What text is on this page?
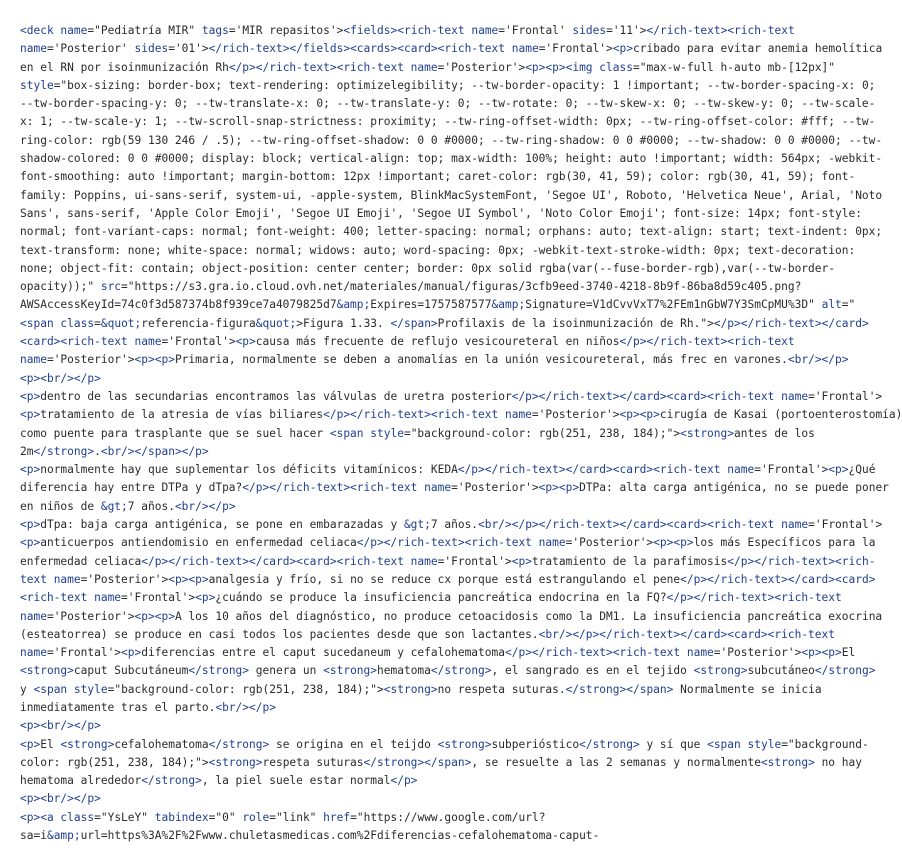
<deck name="Pediatría MIR" tags='MIR repasitos'><fields><rich-text name='Frontal' sides='11'></rich-text><rich-text
name='Posterior' sides='01'></rich-text></fields><cards><card><rich-text name='Frontal'><p>cribado para evitar anemia hemolítica
en el RN por isoinmunización Rh</p></rich-text><rich-text name='Posterior'><p><p><img class="max-w-full h-auto mb-[12px]"
style="box-sizing: border-box; text-rendering: optimizelegibility; --tw-border-opacity: 1 !important; --tw-border-spacing-x: 0;
--tw-border-spacing-y: 0; --tw-translate-x: 0; --tw-translate-y: 0; --tw-rotate: 0; --tw-skew-x: 0; --tw-skew-y: 0; --tw-scale-
x: 1; --tw-scale-y: 1; --tw-scroll-snap-strictness: proximity; --tw-ring-offset-width: 0px; --tw-ring-offset-color: #fff; --tw-
ring-color: rgb(59 130 246 / .5); --tw-ring-offset-shadow: 0 0 #0000; --tw-ring-shadow: 0 0 #0000; --tw-shadow: 0 0 #0000; --tw-
shadow-colored: 0 0 #0000; display: block; vertical-align: top; max-width: 100%; height: auto !important; width: 564px; -webkit-
font-smoothing: auto !important; margin-bottom: 12px !important; caret-color: rgb(30, 41, 59); color: rgb(30, 41, 59); font-
family: Poppins, ui-sans-serif, system-ui, -apple-system, BlinkMacSystemFont, 'Segoe UI', Roboto, 'Helvetica Neue', Arial, 'Noto
Sans', sans-serif, 'Apple Color Emoji', 'Segoe UI Emoji', 'Segoe UI Symbol', 'Noto Color Emoji'; font-size: 14px; font-style:
normal; font-variant-caps: normal; font-weight: 400; letter-spacing: normal; orphans: auto; text-align: start; text-indent: 0px;
text-transform: none; white-space: normal; widows: auto; word-spacing: 0px; -webkit-text-stroke-width: 0px; text-decoration:
none; object-fit: contain; object-position: center center; border: 0px solid rgba(var(--fuse-border-rgb),var(--tw-border-
opacity));" src="https://s3.gra.io.cloud.ovh.net/materiales/manual/figuras/3cfb9eed-3740-4218-8b9f-86ba8d59c405.png?
AWSAccessKeyId=74c0f3d587374b8f939ce7a4079825d7&amp;Expires=1757587577&amp;Signature=V1dCvvVxT7%2FEm1nGbW7Y3SmCpMU%3D" alt="
<span class=&quot;referencia-figura&quot;>Figura 1.33. </span>Profilaxis de la isoinmunización de Rh."></p></rich-text></card>
<card><rich-text name='Frontal'><p>causa más frecuente de reflujo vesicoureteral en niños</p></rich-text><rich-text
name='Posterior'><p><p>Primaria, normalmente se deben a anomalías en la unión vesicoureteral, más frec en varones.<br/></p>
<p><br/></p>
<p>dentro de las secundarias encontramos las válvulas de uretra posterior</p></rich-text></card><card><rich-text name='Frontal'>
<p>tratamiento de la atresia de vías biliares</p></rich-text><rich-text name='Posterior'><p><p>cirugía de Kasai (portoenterostomía)
como puente para trasplante que se suel hacer <span style="background-color: rgb(251, 238, 184);"><strong>antes de los
2m</strong>.<br/></span></p>
<p>normalmente hay que suplementar los déficits vitamínicos: KEDA</p></rich-text></card><card><rich-text name='Frontal'><p>¿Qué
diferencia hay entre DTPa y dTpa?</p></rich-text><rich-text name='Posterior'><p><p>DTPa: alta carga antigénica, no se puede poner
en niños de &gt;7 años.<br/></p>
<p>dTpa: baja carga antigénica, se pone en embarazadas y &gt;7 años.<br/></p></rich-text></card><card><rich-text name='Frontal'>
<p>anticuerpos antiendomisio en enfermedad celiaca</p></rich-text><rich-text name='Posterior'><p><p>los más Específicos para la
enfermedad celiaca</p></rich-text></card><card><rich-text name='Frontal'><p>tratamiento de la parafimosis</p></rich-text><rich-
text name='Posterior'><p><p>analgesia y frío, si no se reduce cx porque está estrangulando el pene</p></rich-text></card><card>
<rich-text name='Frontal'><p>¿cuándo se produce la insuficiencia pancreática endocrina en la FQ?</p></rich-text><rich-text
name='Posterior'><p><p>A los 10 años del diagnóstico, no produce cetoacidosis como la DM1. La insuficiencia pancreática exocrina
(esteatorrea) se produce en casi todos los pacientes desde que son lactantes.<br/></p></rich-text></card><card><rich-text
name='Frontal'><p>diferencias entre el caput sucedaneum y cefalohematoma</p></rich-text><rich-text name='Posterior'><p><p>El
<strong>caput Subcutáneum</strong> genera un <strong>hematoma</strong>, el sangrado es en el tejido <strong>subcutáneo</strong>
y <span style="background-color: rgb(251, 238, 184);"><strong>no respeta suturas.</strong></span> Normalmente se inicia
inmediatamente tras el parto.<br/></p>
<p><br/></p>
<p>El <strong>cefalohematoma</strong> se origina en el teijdo <strong>subperióstico</strong> y sí que <span style="background-
color: rgb(251, 238, 184);"><strong>respeta suturas</strong></span>, se resuelte a las 2 semanas y normalmente<strong> no hay
hematoma alrededor</strong>, la piel suele estar normal</p>
<p><br/></p>
<p><a class="YsLeY" tabindex="0" role="link" href="https://www.google.com/url?
sa=i&amp;url=https%3A%2F%2Fwww.chuletasmedicas.com%2Fdiferencias-cefalohematoma-caput-
